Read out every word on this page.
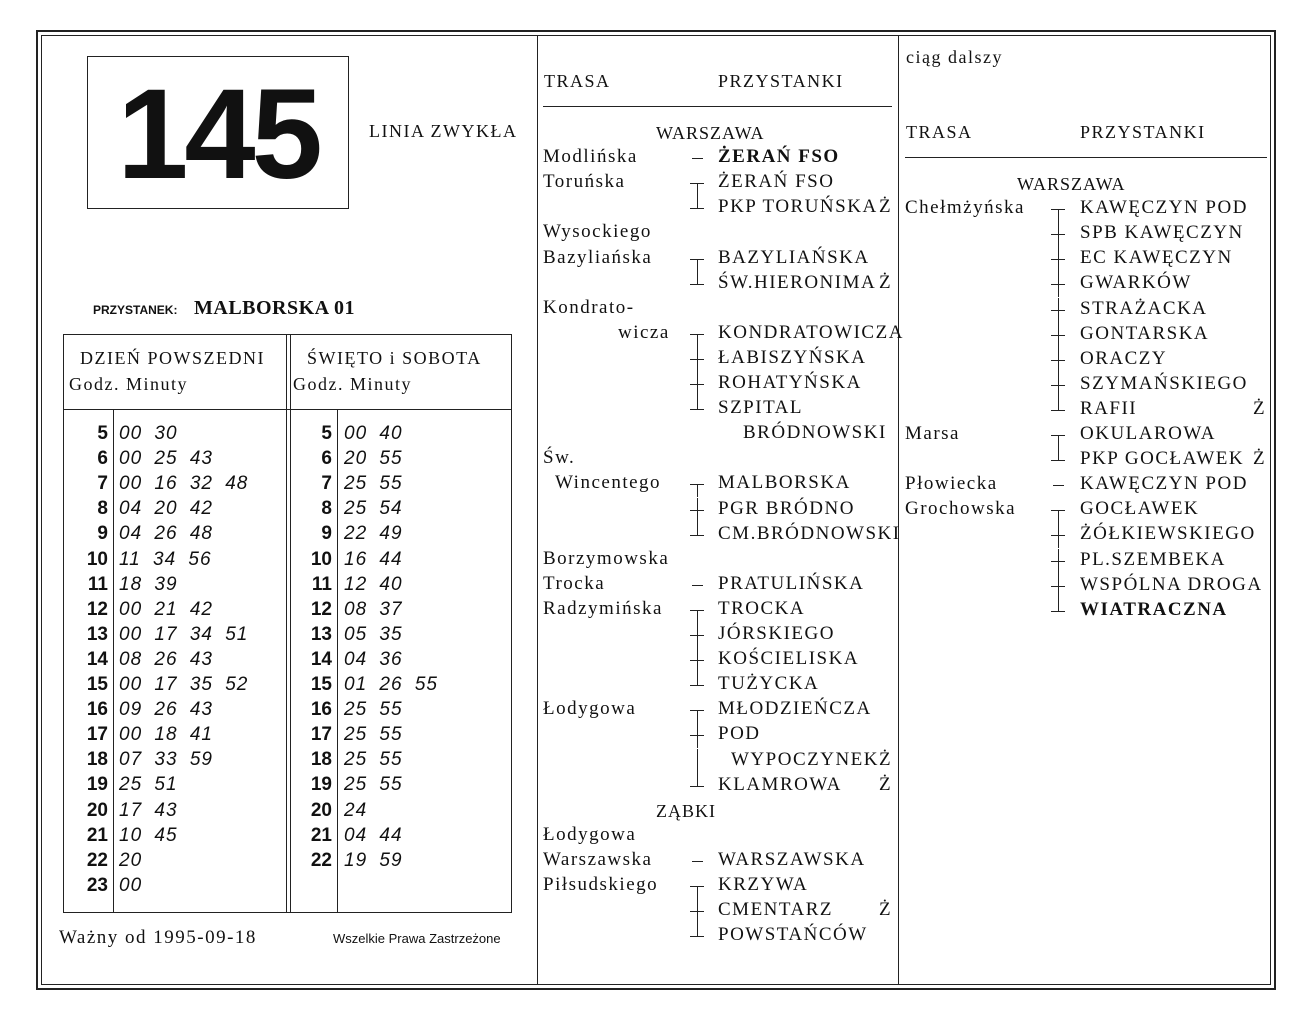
145	LINIA ZWYKŁA
PRZYSTANEK: MALBORSKA 01
DZIEŃ POWSZEDNI
Godz. Minuty
ŚWIĘTO i SOBOTA
Godz. Minuty
5 00 30
6 00 25 43
7 00 16 32 48
8 04 20 42
9 04 26 48
10 11 34 56
11 18 39
12 00 21 42
13 00 17 34 51
14 08 26 43
15 00 17 35 52
16 09 26 43
17 00 18 41
18 07 33 59
19 25 51
20 17 43
21 10 45
22 20
23 00
5 00 40
6 20 55
7 25 55
8 25 54
9 22 49
10 16 44
11 12 40
12 08 37
13 05 35
14 04 36
15 01 26 55
16 25 55
17 25 55
18 25 55
19 25 55
20 24
21 04 44
22 19 59
Ważny od 1995-09-18	Wszelkie Prawa Zastrzeżone
TRASA	PRZYSTANKI
WARSZAWA
Modlińska	ŻERAŃ FSO
Toruńska	ŻERAŃ FSO
PKP TORUŃSKA Ż
Wysockiego
Bazyliańska	BAZYLIAŃSKA
ŚW.HIERONIMA Ż
Kondrato-
wicza	KONDRATOWICZA
ŁABISZYŃSKA
ROHATYŃSKA
SZPITAL
BRÓDNOWSKI
Św.
Wincentego	MALBORSKA
PGR BRÓDNO
CM.BRÓDNOWSKI
Borzymowska
Trocka	PRATULIŃSKA
Radzymińska	TROCKA
JÓRSKIEGO
KOŚCIELISKA
TUŻYCKA
Łodygowa	MŁODZIEŃCZA
POD
WYPOCZYNEK Ż
KLAMROWA Ż
ZĄBKI
Łodygowa
Warszawska	WARSZAWSKA
Piłsudskiego	KRZYWA
CMENTARZ Ż
POWSTAŃCÓW
ciąg dalszy
TRASA	PRZYSTANKI
WARSZAWA
Chełmżyńska	KAWĘCZYN POD
SPB KAWĘCZYN
EC KAWĘCZYN
GWARKÓW
STRAŻACKA
GONTARSKA
ORACZY
SZYMAŃSKIEGO
RAFII	Ż
Marsa	OKULAROWA
PKP GOCŁAWEK Ż
Płowiecka	KAWĘCZYN POD
Grochowska	GOCŁAWEK
ŻÓŁKIEWSKIEGO
PL.SZEMBEKA
WSPÓLNA DROGA
WIATRACZNA
